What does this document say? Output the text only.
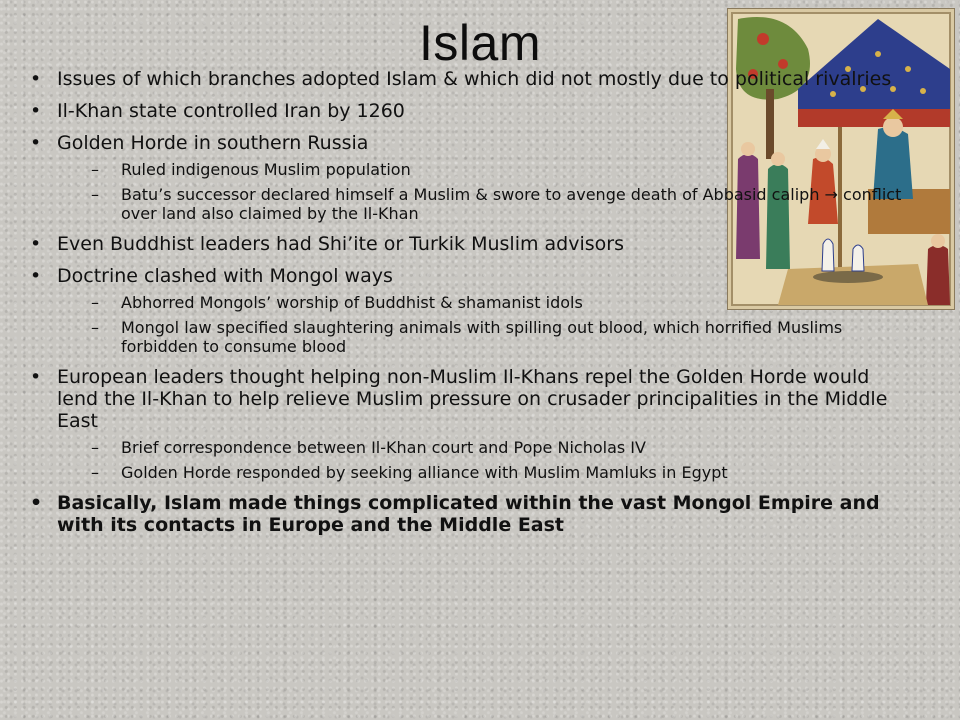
Islam
• Issues of which branches adopted Islam & which did not mostly due to political rivalries
• Il-Khan state controlled Iran by 1260
• Golden Horde in southern Russia
– Ruled indigenous Muslim population
– Batu’s successor declared himself a Muslim & swore to avenge death of Abbasid caliph → conflict over land also claimed by the Il-Khan
• Even Buddhist leaders had Shi’ite or Turkik Muslim advisors
• Doctrine clashed with Mongol ways
– Abhorred Mongols’ worship of Buddhist & shamanist idols
– Mongol law specified slaughtering animals with spilling out blood, which horrified Muslims forbidden to consume blood
• European leaders thought helping non-Muslim Il-Khans repel the Golden Horde would lend the Il-Khan to help relieve Muslim pressure on crusader principalities in the Middle East
– Brief correspondence between Il-Khan court and Pope Nicholas IV
– Golden Horde responded by seeking alliance with Muslim Mamluks in Egypt
• Basically, Islam made things complicated within the vast Mongol Empire and with its contacts in Europe and the Middle East
